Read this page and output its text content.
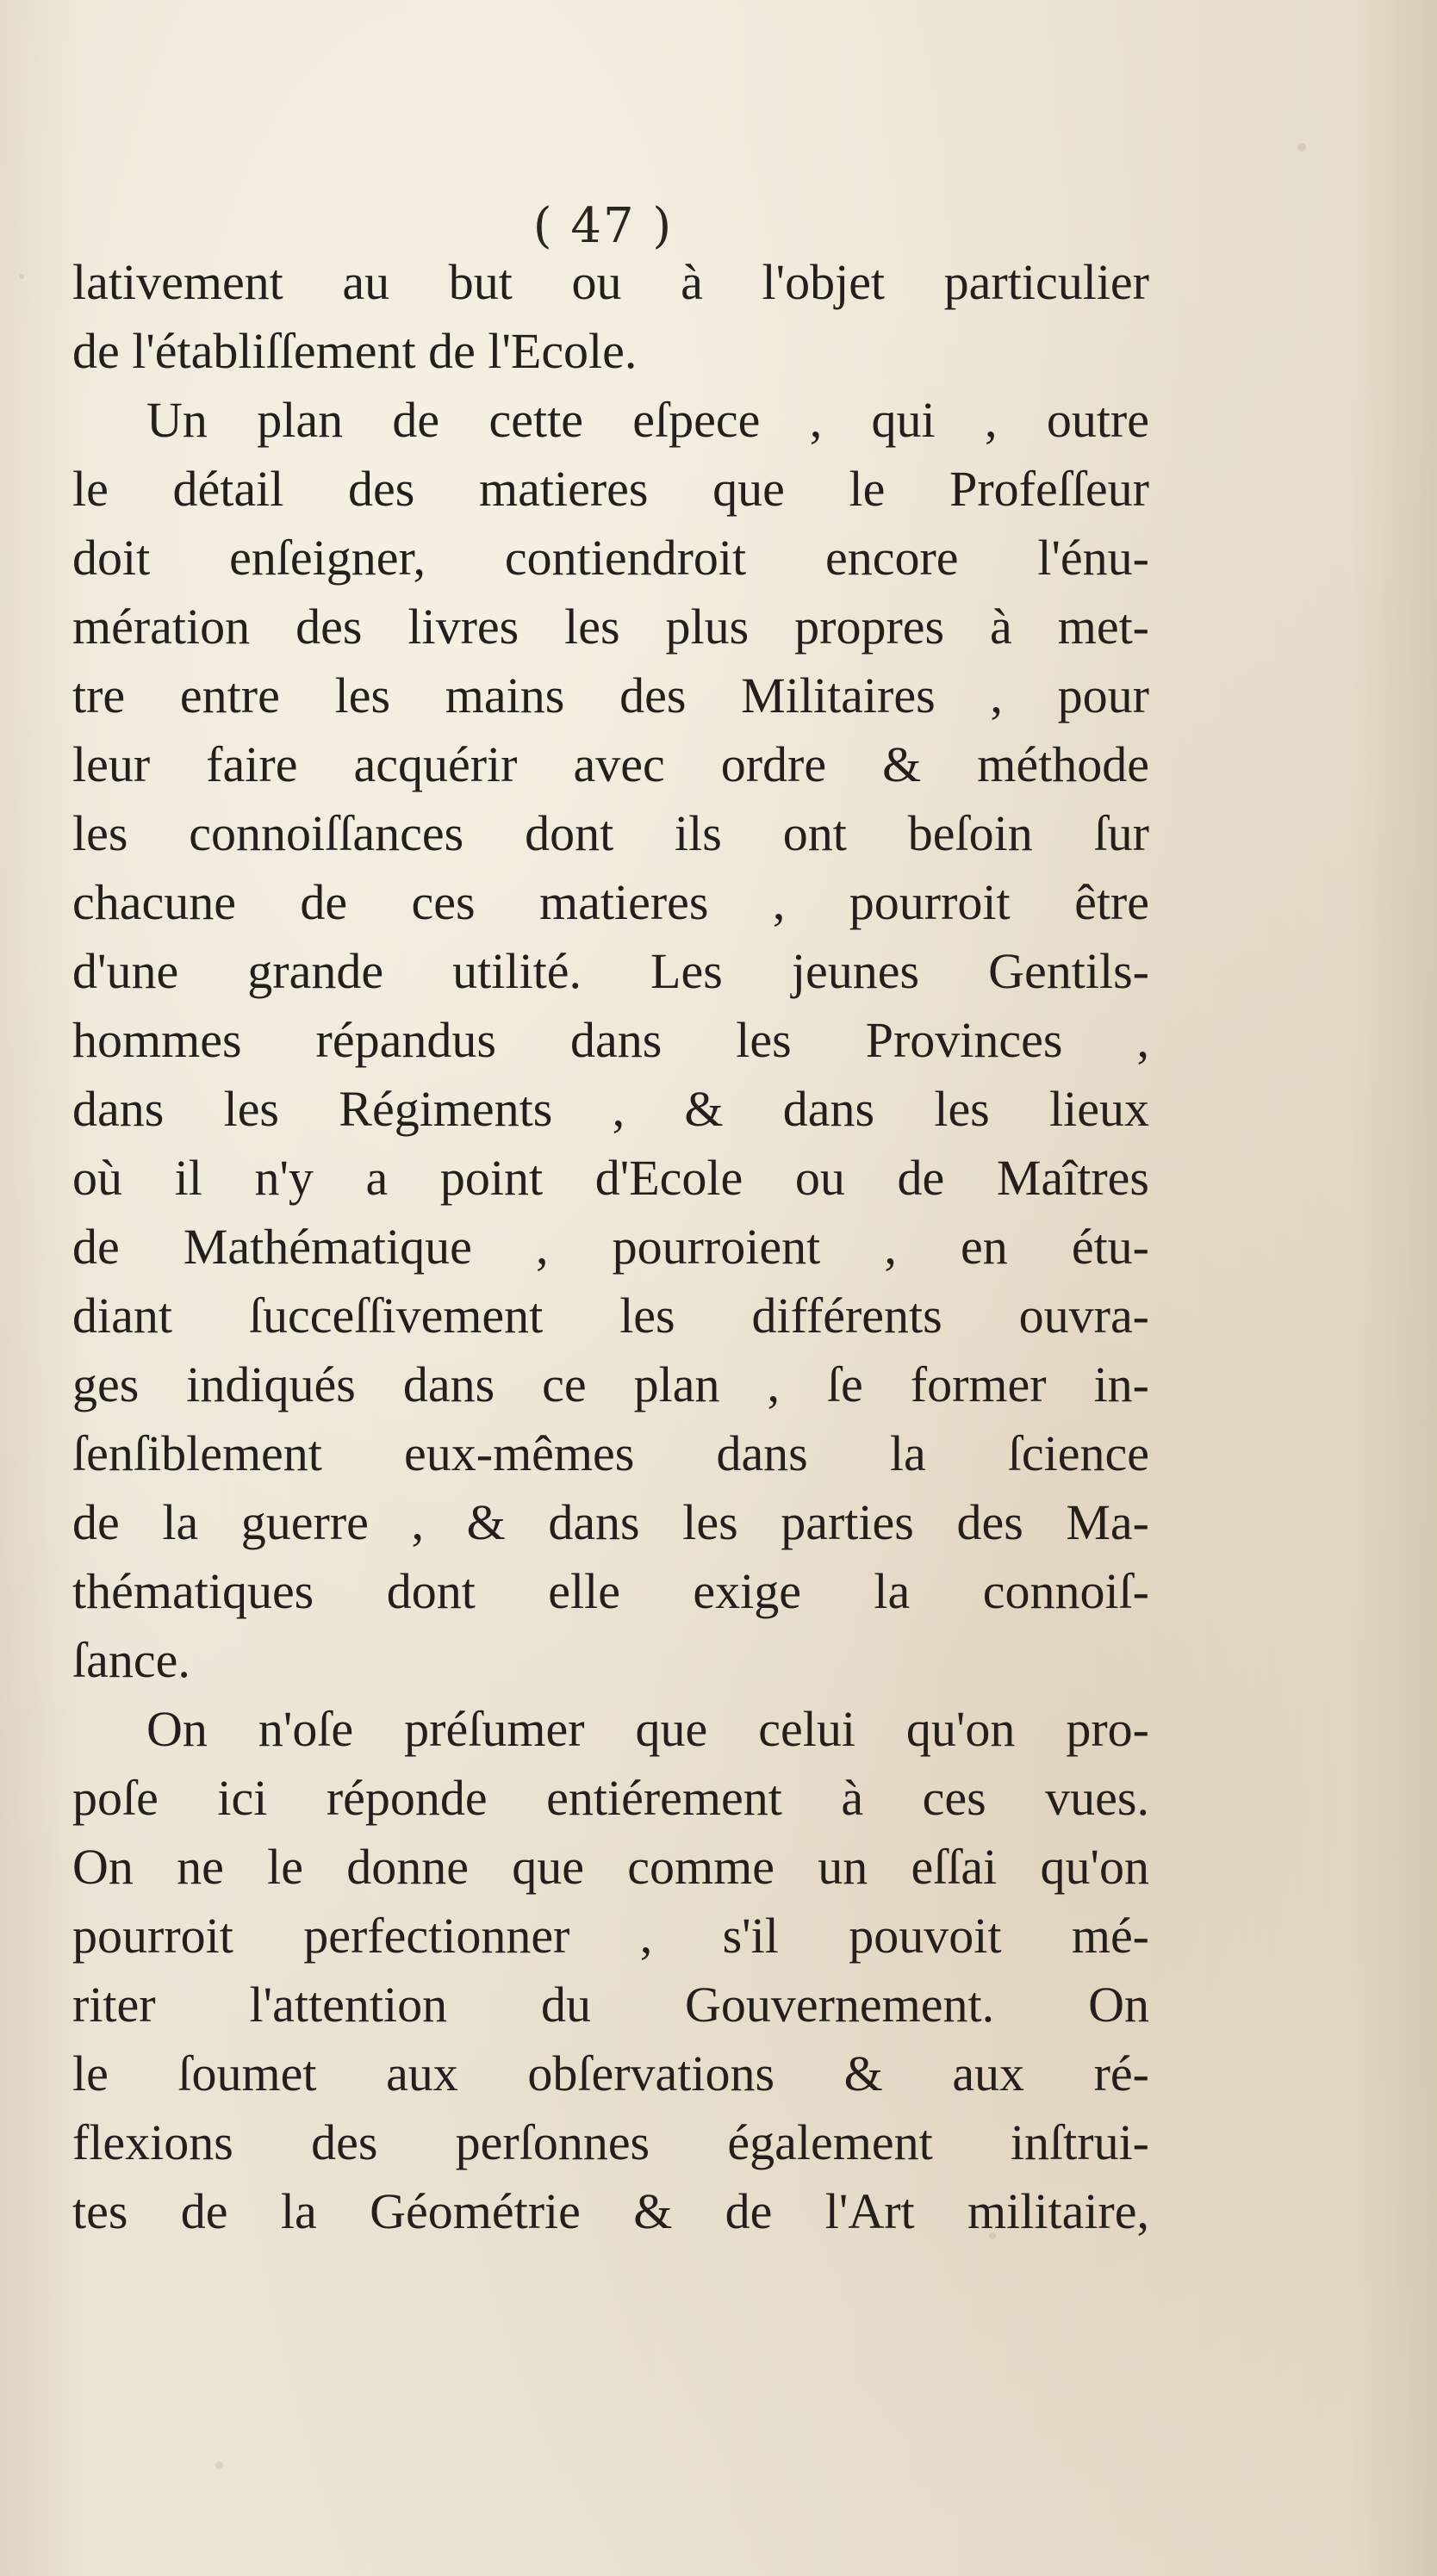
( 47 )
lativement au but ou à l'objet particulier
de l'établiſſement de l'Ecole.
Un plan de cette eſpece , qui , outre
le détail des matieres que le Profeſſeur
doit enſeigner, contiendroit encore l'énu-
mération des livres les plus propres à met-
tre entre les mains des Militaires , pour
leur faire acquérir avec ordre & méthode
les connoiſſances dont ils ont beſoin ſur
chacune de ces matieres , pourroit être
d'une grande utilité. Les jeunes Gentils-
hommes répandus dans les Provinces ,
dans les Régiments , & dans les lieux
où il n'y a point d'Ecole ou de Maîtres
de Mathématique , pourroient , en étu-
diant ſucceſſivement les différents ouvra-
ges indiqués dans ce plan , ſe former in-
ſenſiblement eux-mêmes dans la ſcience
de la guerre , & dans les parties des Ma-
thématiques dont elle exige la connoiſ-
ſance.
On n'oſe préſumer que celui qu'on pro-
poſe ici réponde entiérement à ces vues.
On ne le donne que comme un eſſai qu'on
pourroit perfectionner , s'il pouvoit mé-
riter l'attention du Gouvernement. On
le ſoumet aux obſervations & aux ré-
flexions des perſonnes également inſtrui-
tes de la Géométrie & de l'Art militaire,
